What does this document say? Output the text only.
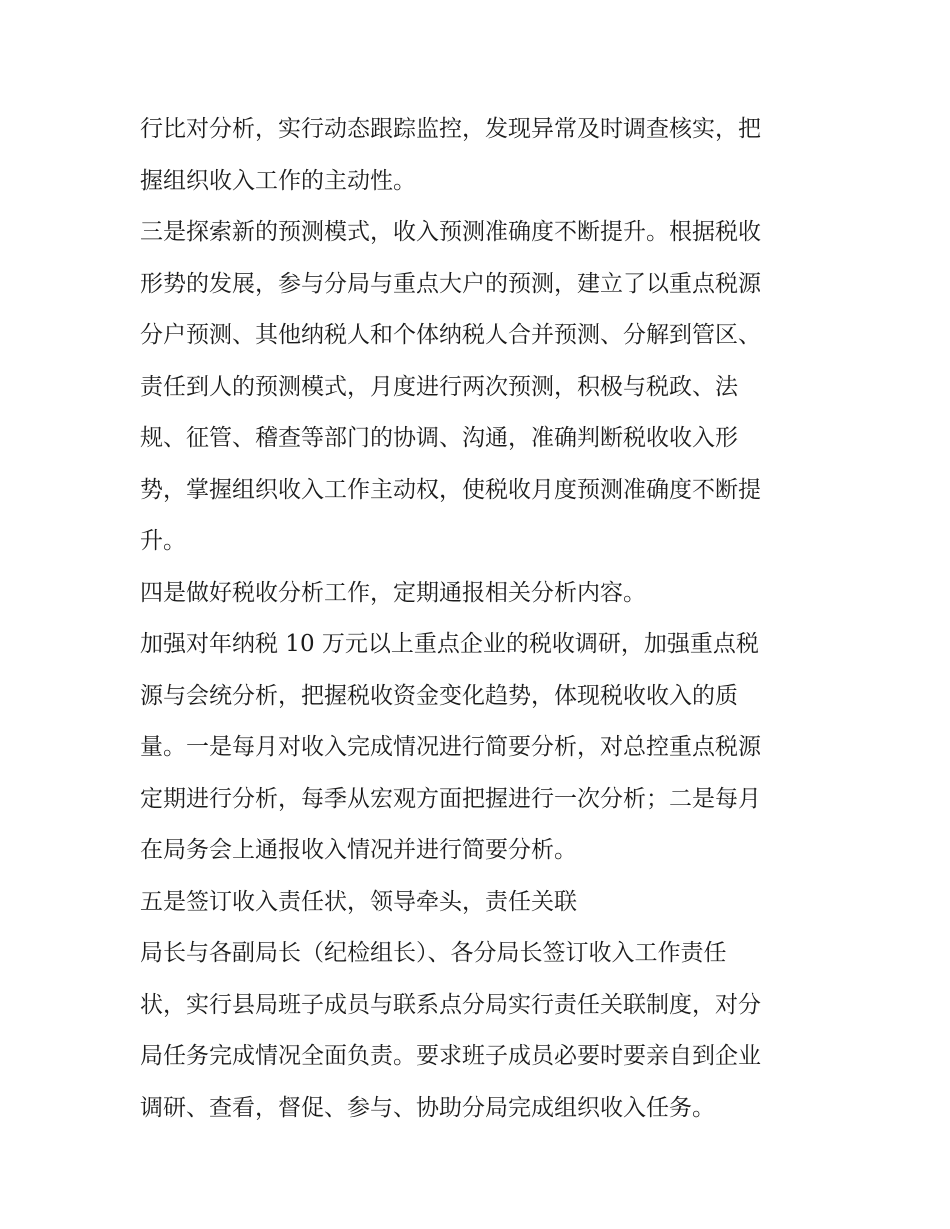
行比对分析，实行动态跟踪监控，发现异常及时调查核实，把
握组织收入工作的主动性。
三是探索新的预测模式，收入预测准确度不断提升。根据税收
形势的发展，参与分局与重点大户的预测，建立了以重点税源
分户预测、其他纳税人和个体纳税人合并预测、分解到管区、
责任到人的预测模式，月度进行两次预测，积极与税政、法
规、征管、稽查等部门的协调、沟通，准确判断税收收入形
势，掌握组织收入工作主动权，使税收月度预测准确度不断提
升。
四是做好税收分析工作，定期通报相关分析内容。
加强对年纳税 10 万元以上重点企业的税收调研，加强重点税
源与会统分析，把握税收资金变化趋势，体现税收收入的质
量。一是每月对收入完成情况进行简要分析，对总控重点税源
定期进行分析，每季从宏观方面把握进行一次分析；二是每月
在局务会上通报收入情况并进行简要分析。
五是签订收入责任状，领导牵头，责任关联
局长与各副局长（纪检组长）、各分局长签订收入工作责任
状，实行县局班子成员与联系点分局实行责任关联制度，对分
局任务完成情况全面负责。要求班子成员必要时要亲自到企业
调研、查看，督促、参与、协助分局完成组织收入任务。
